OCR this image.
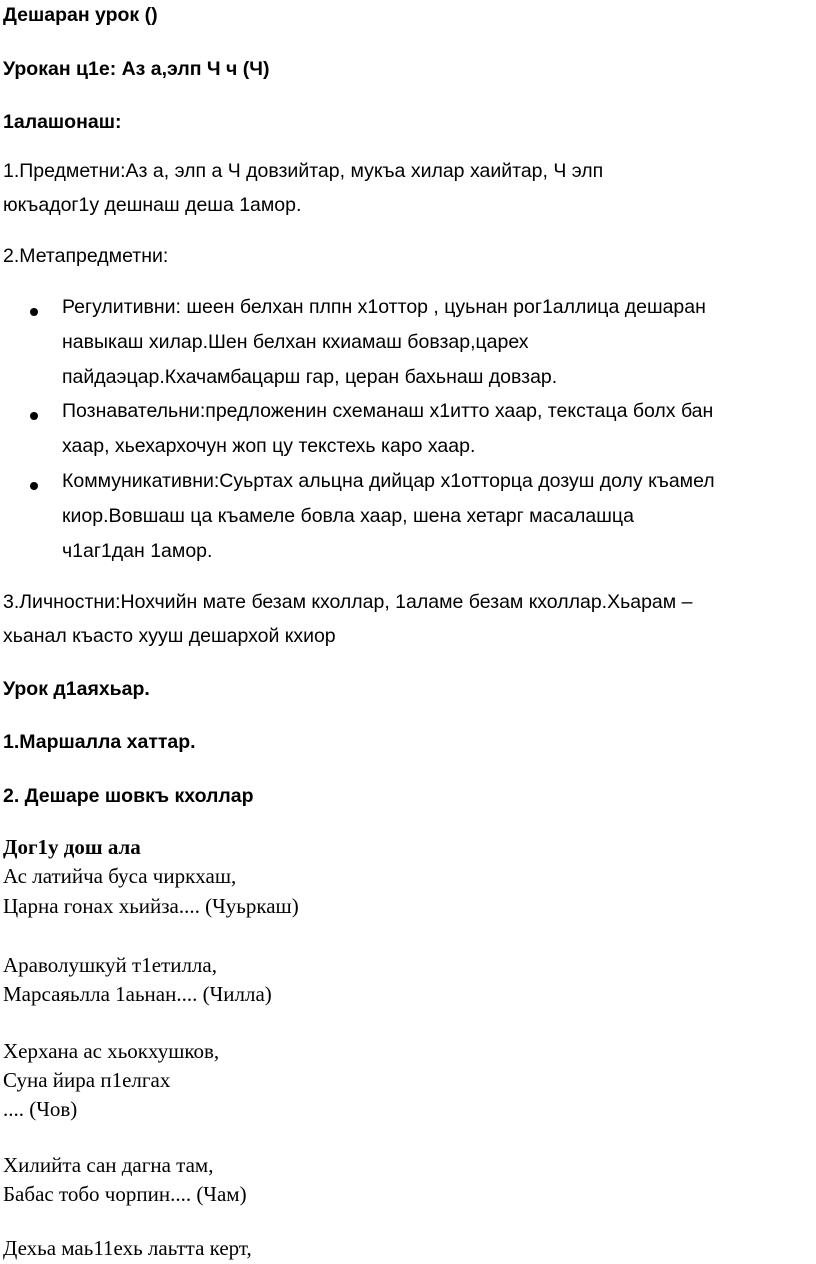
Дешаран урок ()
Урокан ц1е: Аз а,элп Ч ч (Ч)
1алашонаш:
1.Предметни:Аз а, элп а Ч довзийтар, мукъа хилар хаийтар, Ч элп
юкъадог1у дешнаш деша 1амор.
2.Метапредметни:
Регулитивни: шеен белхан плпн х1оттор , цуьнан рог1аллица дешаран
навыкаш хилар.Шен белхан кхиамаш бовзар,царех
пайдаэцар.Кхачамбацарш гар, церан бахьнаш довзар.
Познавательни:предложенин схеманаш х1итто хаар, текстаца болх бан
хаар, хьехархочун жоп цу текстехь каро хаар.
Коммуникативни:Суьртах альцна дийцар х1отторца дозуш долу къамел
киор.Вовшаш ца къамеле бовла хаар, шена хетарг масалашца
ч1аг1дан 1амор.
3.Личностни:Нохчийн мате безам кхоллар, 1аламе безам кхоллар.Хьарам –
хьанал къасто хууш дешархой кхиор
Урок д1аяхьар.
1.Маршалла хаттар.
2. Дешаре шовкъ кхоллар
Дог1у дош ала
Ас латийча буса чиркхаш,
Царна гонах хьийза.... (Чуьркаш)
Араволушкуй т1етилла,
Марсаяьлла 1аьнан.... (Чилла)
Херхана ас хьокхушков,
Суна йира п1елгах
.... (Чов)
Хилийта сан дагна там,
Бабас тобо чорпин.... (Чам)
Дехьа маь11ехь лаьтта керт,
